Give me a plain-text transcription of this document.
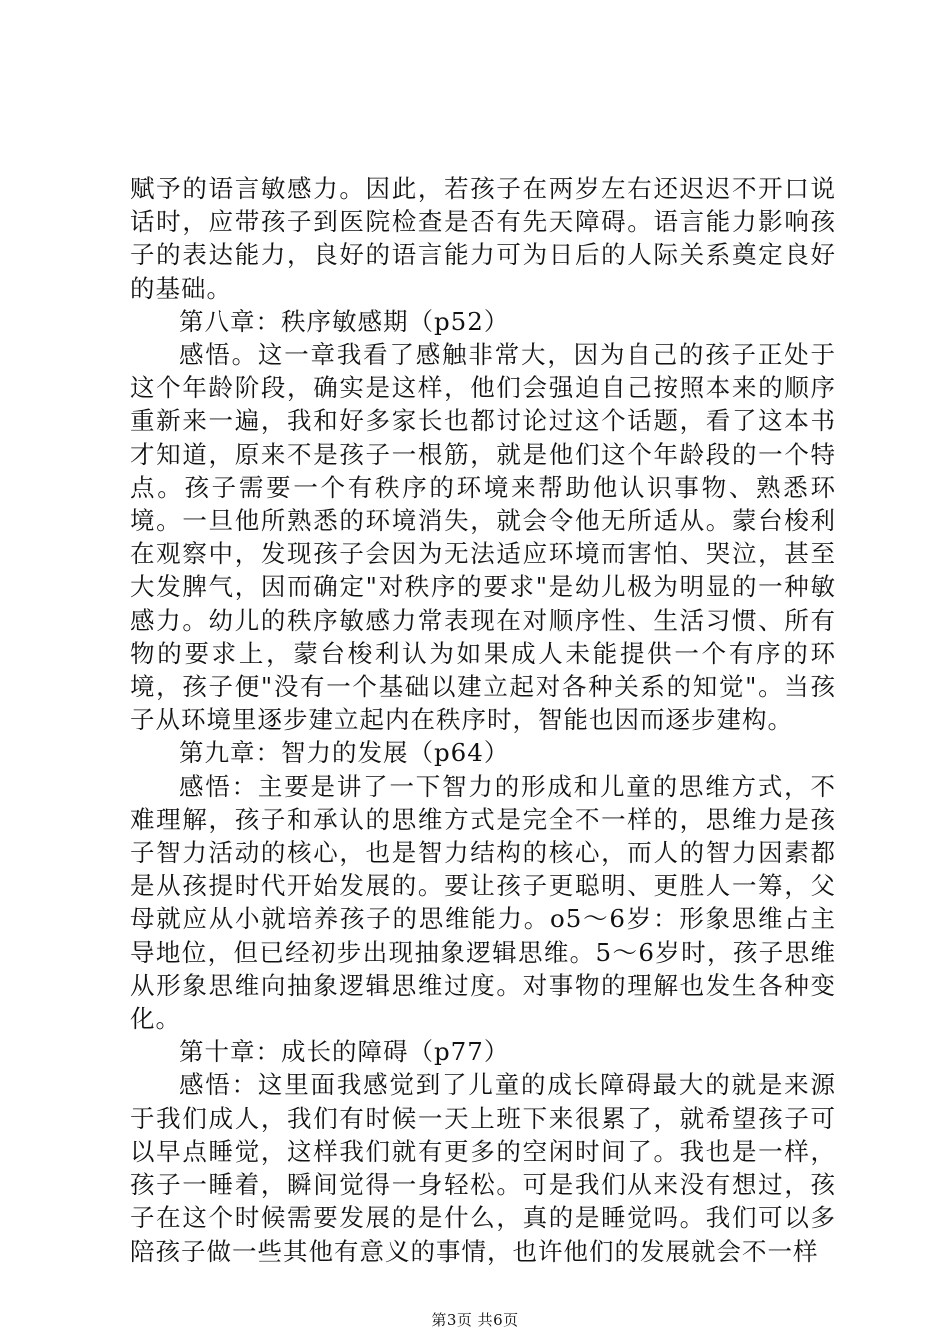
赋予的语言敏感力。因此，若孩子在两岁左右还迟迟不开口说话时，应带孩子到医院检查是否有先天障碍。语言能力影响孩子的表达能力，良好的语言能力可为日后的人际关系奠定良好的基础。

第八章：秩序敏感期（p52）

感悟。这一章我看了感触非常大，因为自己的孩子正处于这个年龄阶段，确实是这样，他们会强迫自己按照本来的顺序重新来一遍，我和好多家长也都讨论过这个话题，看了这本书才知道，原来不是孩子一根筋，就是他们这个年龄段的一个特点。孩子需要一个有秩序的环境来帮助他认识事物、熟悉环境。一旦他所熟悉的环境消失，就会令他无所适从。蒙台梭利在观察中，发现孩子会因为无法适应环境而害怕、哭泣，甚至大发脾气，因而确定"对秩序的要求"是幼儿极为明显的一种敏感力。幼儿的秩序敏感力常表现在对顺序性、生活习惯、所有物的要求上，蒙台梭利认为如果成人未能提供一个有序的环境，孩子便"没有一个基础以建立起对各种关系的知觉"。当孩子从环境里逐步建立起内在秩序时，智能也因而逐步建构。

第九章：智力的发展（p64）

感悟：主要是讲了一下智力的形成和儿童的思维方式，不难理解，孩子和承认的思维方式是完全不一样的，思维力是孩子智力活动的核心，也是智力结构的核心，而人的智力因素都是从孩提时代开始发展的。要让孩子更聪明、更胜人一筹，父母就应从小就培养孩子的思维能力。o5～6岁：形象思维占主导地位，但已经初步出现抽象逻辑思维。5～6岁时，孩子思维从形象思维向抽象逻辑思维过度。对事物的理解也发生各种变化。

第十章：成长的障碍（p77）

感悟：这里面我感觉到了儿童的成长障碍最大的就是来源于我们成人，我们有时候一天上班下来很累了，就希望孩子可以早点睡觉，这样我们就有更多的空闲时间了。我也是一样，孩子一睡着，瞬间觉得一身轻松。可是我们从来没有想过，孩子在这个时候需要发展的是什么，真的是睡觉吗。我们可以多陪孩子做一些其他有意义的事情，也许他们的发展就会不一样

第3页 共6页
